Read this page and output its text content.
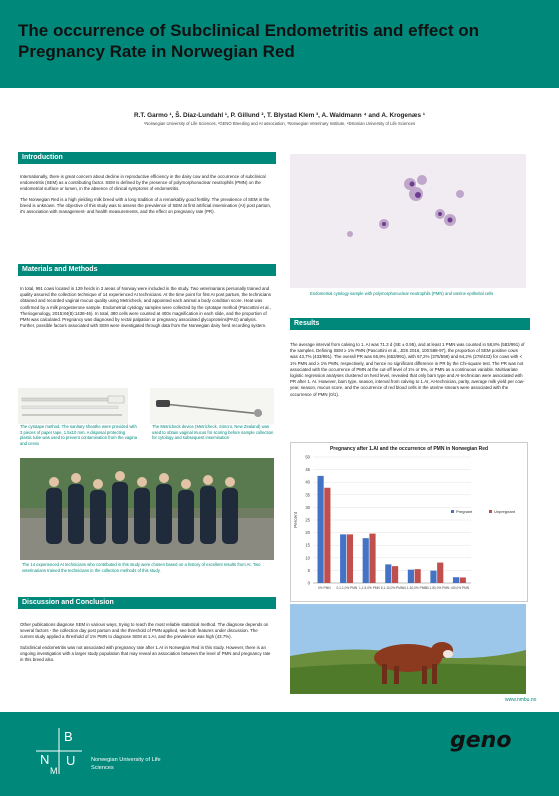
The occurrence of Subclinical Endometritis and effect on Pregnancy Rate in Norwegian Red
R.T. Garmo ¹, Š. Díaz-Lundahl ¹, P. Gillund ², T. Blystad Klem ³, A. Waldmann ⁴ and A. Krogenæs ¹
¹Norwegian University of Life Sciences, ²GENO Breeding and AI association, ³Norwegian Veterinary Institute, ⁴Estonian University of Life Sciences
Introduction

Internationally, there is great concern about decline in reproductive efficiency in the dairy cow and the occurrence of subclinical endometritis (SEM) as a contributing factor. SEM is defined by the presence of polymorphonuclear neutrophils (PMN) on the endometrial surface or lumen, in the absence of clinical symptoms of endometritis.

The Norwegian Red is a high yielding milk breed with a long tradition of a remarkably good fertility. The prevalence of SEM in the breed is unknown. The objective of this study was to assess the prevalence of SEM at first artificial insemination (AI) post partum, it's association with management- and health measurements, and the effect on pregnancy rate (PR).

Materials and Methods

In total, 991 cows located in 129 herds in 3 areas of Norway were included in the study. Two veterinarians personally trained and quality assured the collection technique of 14 experienced AI technicians. At the time point for first AI post partum, the technicians obtained and recorded vaginal mucus quality using Metricheck, and appointed each animal a body condition score. Heat was confirmed by a milk progesterone sample. Endometrial cytology samples were collected by the cytotape method (Pascottini et al., Theriogenology, 2015;84(8):1438-46). In total, 380 cells were counted at 400x magnification in each slide, and the proportion of PMN was calculated. Pregnancy was diagnosed by rectal palpation or pregnancy associated glycoproteins(PAG) analysis. Further, possible factors associated with SEM were investigated through data from the Norwegian dairy herd recording system.

The cytotape method. The sanitary sheathe were provided with 3 pieces of paper tape, 1.5x10 mm. A disposal protecting plastic tube was used to prevent contamination from the vagina and cervix
The Metricheck device (Metricheck, Simcro, New Zealand) was used to obtain vaginal mucus for scoring before sample collection for cytology and subsequent insemination
The 14 experienced AI technicians who contributed in this study were chosen based on a history of excellent results from AI. Two veterinarians trained the technicians in the collection methods of this study.
Discussion and Conclusion

Other publications diagnose SEM in various ways, trying to reach the most reliable statistical method. The diagnose depends on several factors - the collection day post partum and the threshold of PMN applied, see both features under discussion. The current study applied a threshold of 1% PMN to diagnose SEM at 1.AI, and the prevalence was high (43.7%).

Subclinical endometritis was not associated with pregnancy rate after 1.AI in Norwegian Red in this study. However, there is an ongoing investigation with a larger study population that may reveal an association between the level of PMN and pregnancy rate in this breed also.

Endometrial cytology sample with polymorphonuclear neutrophils (PMN) and uterine epithelial cells
Results

The average interval from calving to 1. AI was 71.3 d (SE ± 0.95), and at least 1 PMN was counted in 58,8% (583/991) of the samples. Defining SEM ≥ 1% PMN (Pascottini et al., JDS 2016, 100:588-97), the proportion of SEM positive cows was 43,7% (433/991). The overall PR was 65,9% (653/991), with 67,2% (375/558) and 64,2% (278/433) for cows with < 1% PMN and ≥ 1% PMN, respectively, and hence no significant difference in PR by the Chi-square test. The PR was not associated with the occurrence of PMN at the cut-off level of 1% or 5%, or PMN as a continuous variable. Multivariate logistic regression analyses clustered on herd level, revealed that only barn type and AI-technician were associated with PR after 1. AI. However, barn type, season, interval from calving to 1.AI, AI-technician, parity, average milk yield per cow-year, season, mucus score, and the occurrence of red blood cells in the uterine smears were associated with the occurrence of PMN (0/1).

Pregnancy after 1.AI and the occurrence of PMN in Norwegian Red
0
5
10
15
20
25
30
35
40
45
50
Percent
0% PMN 0,1-1,0% PMN 1,1-5,0% PMN 5,1-10,0% PMN 10,1-30,0% PMN
30,1-50,0% PMN >50,0% PMN
Pregnant	Unpregnant
www.nmbu.no
N
B
M
U	Norwegian University of Life Sciences
geno
